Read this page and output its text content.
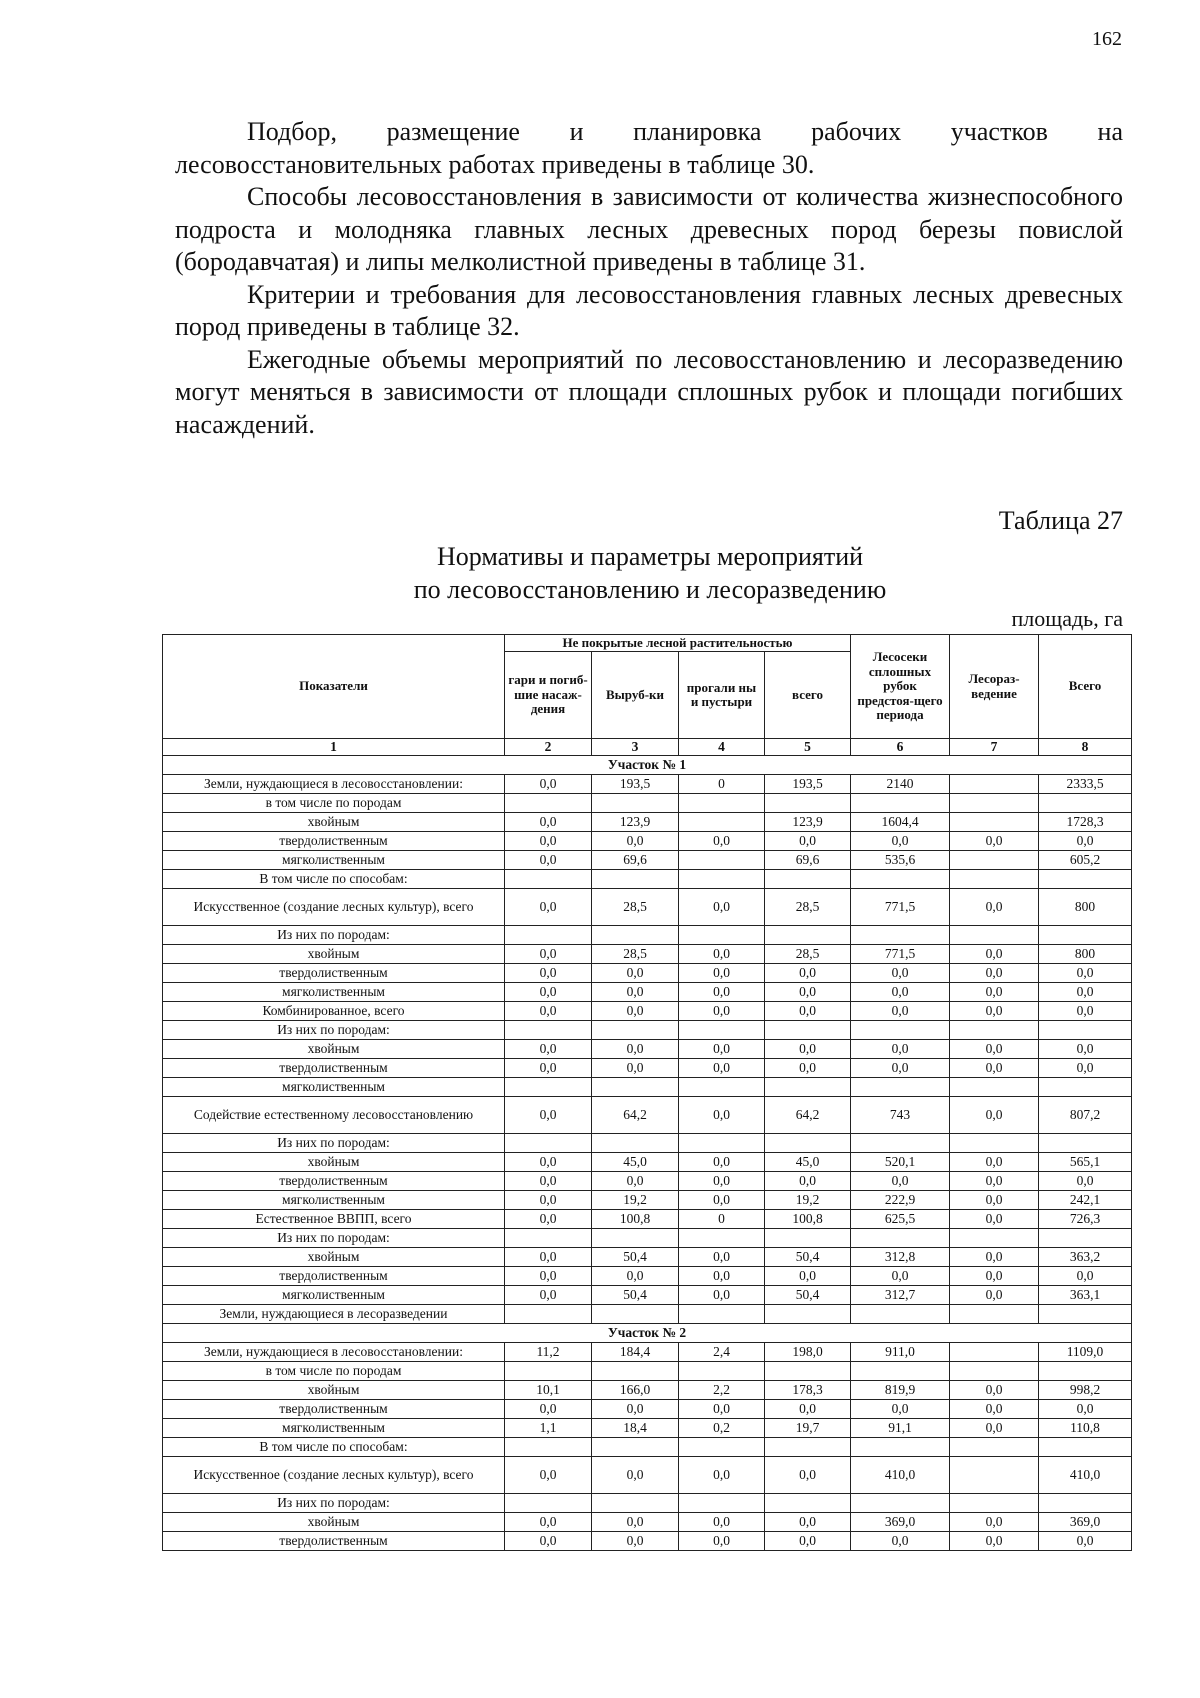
162

Подбор, размещение и планировка рабочих участков на лесовосстановительных работах приведены в таблице 30.

Способы лесовосстановления в зависимости от количества жизнеспособного подроста и молодняка главных лесных древесных пород березы повислой (бородавчатая) и липы мелколистной приведены в таблице 31.

Критерии и требования для лесовосстановления главных лесных древесных пород приведены в таблице 32.

Ежегодные объемы мероприятий по лесовосстановлению и лесоразведению могут меняться в зависимости от площади сплошных рубок и площади погибших насаждений.

Таблица 27
Нормативы и параметры мероприятий
по лесовосстановлению и лесоразведению
площадь, га
Показатели	Не покрытые лесной растительностью				Лесосеки сплошных рубок предстоя-щего периода	Лесораз-ведение	Всего
	гари и погиб-шие насаж-дения	Выруб-ки	прогали ны и пустыри	всего			
1	2	3	4	5	6	7	8
Участок № 1							
Земли, нуждающиеся в лесовосстановлении:	0,0	193,5	0	193,5	2140		2333,5
в том числе по породам							
хвойным	0,0	123,9		123,9	1604,4		1728,3
твердолиственным	0,0	0,0	0,0	0,0	0,0	0,0	0,0
мягколиственным	0,0	69,6		69,6	535,6		605,2
В том числе по способам:							
Искусственное (создание лесных культур), всего	0,0	28,5	0,0	28,5	771,5	0,0	800
Из них по породам:							
хвойным	0,0	28,5	0,0	28,5	771,5	0,0	800
твердолиственным	0,0	0,0	0,0	0,0	0,0	0,0	0,0
мягколиственным	0,0	0,0	0,0	0,0	0,0	0,0	0,0
Комбинированное, всего	0,0	0,0	0,0	0,0	0,0	0,0	0,0
Из них по породам:							
хвойным	0,0	0,0	0,0	0,0	0,0	0,0	0,0
твердолиственным	0,0	0,0	0,0	0,0	0,0	0,0	0,0
мягколиственным							
Содействие естественному лесовосстановлению	0,0	64,2	0,0	64,2	743	0,0	807,2
Из них по породам:							
хвойным	0,0	45,0	0,0	45,0	520,1	0,0	565,1
твердолиственным	0,0	0,0	0,0	0,0	0,0	0,0	0,0
мягколиственным	0,0	19,2	0,0	19,2	222,9	0,0	242,1
Естественное ВВПП, всего	0,0	100,8	0	100,8	625,5	0,0	726,3
Из них по породам:							
хвойным	0,0	50,4	0,0	50,4	312,8	0,0	363,2
твердолиственным	0,0	0,0	0,0	0,0	0,0	0,0	0,0
мягколиственным	0,0	50,4	0,0	50,4	312,7	0,0	363,1
Земли, нуждающиеся в лесоразведении							
Участок № 2							
Земли, нуждающиеся в лесовосстановлении:	11,2	184,4	2,4	198,0	911,0		1109,0
в том числе по породам							
хвойным	10,1	166,0	2,2	178,3	819,9	0,0	998,2
твердолиственным	0,0	0,0	0,0	0,0	0,0	0,0	0,0
мягколиственным	1,1	18,4	0,2	19,7	91,1	0,0	110,8
В том числе по способам:							
Искусственное (создание лесных культур), всего	0,0	0,0	0,0	0,0	410,0		410,0
Из них по породам:							
хвойным	0,0	0,0	0,0	0,0	369,0	0,0	369,0
твердолиственным	0,0	0,0	0,0	0,0	0,0	0,0	0,0
